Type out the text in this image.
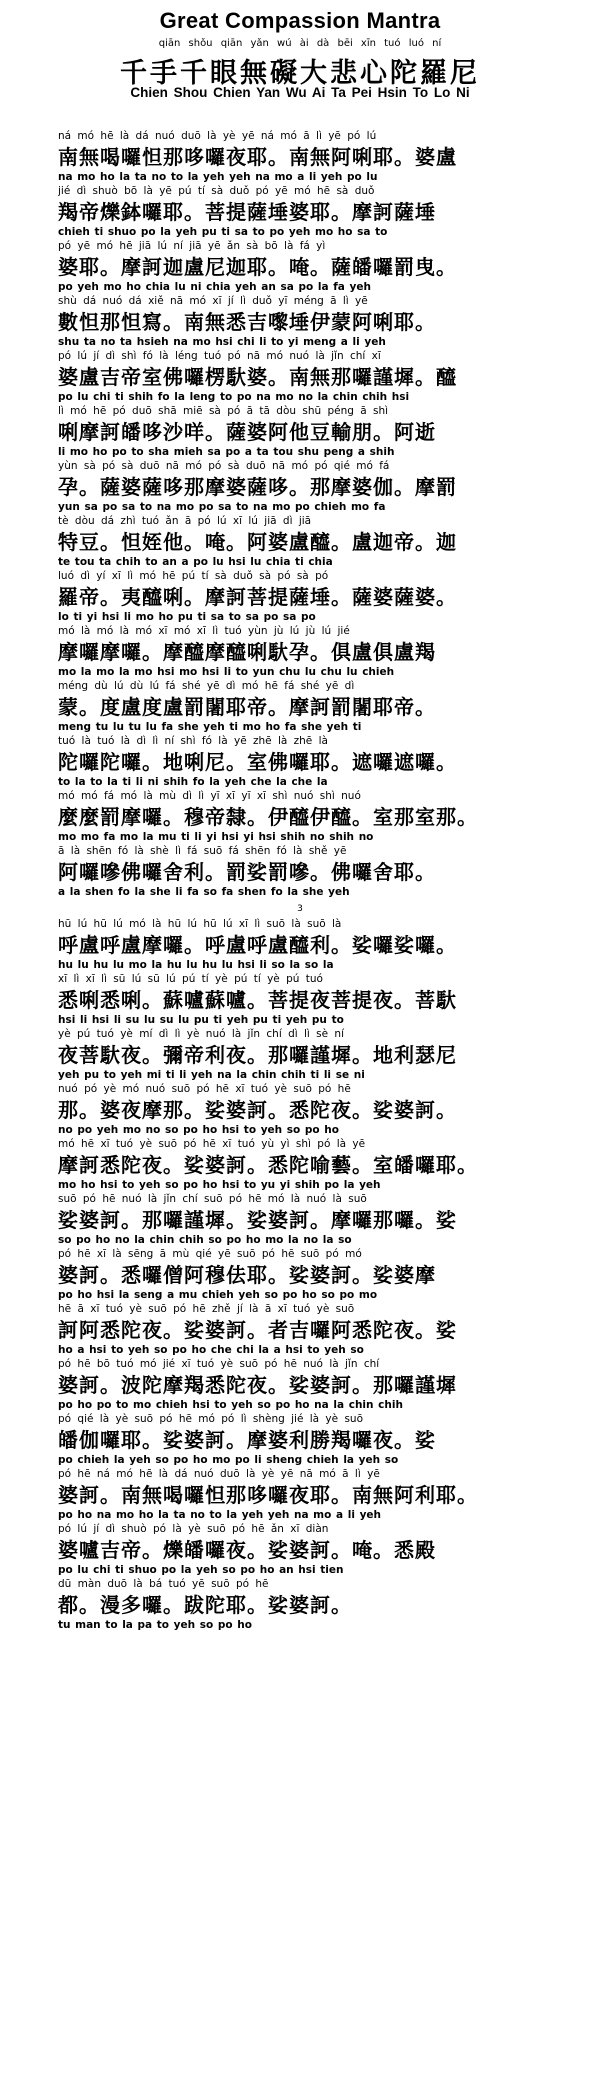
Great Compassion Mantra
qiān shǒu qiān yǎn wú ài dà bēi xīn tuó luó ní
千手千眼無礙大悲心陀羅尼
Chien Shou Chien Yan Wu Ai Ta Pei Hsin To Lo Ni
ná mó hē là dá nuó duō là yè yē ná mó ā lì yē pó lú
南無喝囉怛那哆囉夜耶。南無阿唎耶。婆盧
na mo ho la ta no to la yeh yeh na mo a li yeh po lu
jié dì shuò bō là yē pú tí sà duǒ pó yē mó hē sà duǒ
羯帝爍鉢囉耶。菩提薩埵婆耶。摩訶薩埵
chieh ti shuo po la yeh pu ti sa to po yeh mo ho sa to
pó yē mó hē jiā lú ní jiā yē ǎn sà bō là fá yì
婆耶。摩訶迦盧尼迦耶。唵。薩皤囉罰曳。
po yeh mo ho chia lu ni chia yeh an sa po la fa yeh
shù dá nuó dá xiě nā mó xī jí lì duǒ yī méng ā lì yē
數怛那怛寫。南無悉吉嚟埵伊蒙阿唎耶。
shu ta no ta hsieh na mo hsi chi li to yi meng a li yeh
pó lú jí dì shì fó là léng tuó pó nā mó nuó là jǐn chí xī
婆盧吉帝室佛囉楞馱婆。南無那囉謹墀。醯
po lu chi ti shih fo la leng to po na mo no la chin chih hsi
lì mó hē pó duō shā miē sà pó ā tā dòu shū péng ā shì
唎摩訶皤哆沙咩。薩婆阿他豆輸朋。阿逝
li mo ho po to sha mieh sa po a ta tou shu peng a shih
yùn sà pó sà duō nā mó pó sà duō nā mó pó qié mó fá
孕。薩婆薩哆那摩婆薩哆。那摩婆伽。摩罰
yun sa po sa to na mo po sa to na mo po chieh mo fa
tè dòu dá zhì tuó ǎn ā pó lú xī lú jiā dì jiā
特豆。怛姪他。唵。阿婆盧醯。盧迦帝。迦
te tou ta chih to an a po lu hsi lu chia ti chia
luó dì yí xī lì mó hē pú tí sà duǒ sà pó sà pó
羅帝。夷醯唎。摩訶菩提薩埵。薩婆薩婆。
lo ti yi hsi li mo ho pu ti sa to sa po sa po
mó là mó là mó xī mó xī lì tuó yùn jù lú jù lú jié
摩囉摩囉。摩醯摩醯唎馱孕。俱盧俱盧羯
mo la mo la mo hsi mo hsi li to yun chu lu chu lu chieh
méng dù lú dù lú fá shé yē dì mó hē fá shé yē dì
蒙。度盧度盧罰闍耶帝。摩訶罰闍耶帝。
meng tu lu tu lu fa she yeh ti mo ho fa she yeh ti
tuó là tuó là dì lì ní shì fó là yē zhē là zhē là
陀囉陀囉。地唎尼。室佛囉耶。遮囉遮囉。
to la to la ti li ni shih fo la yeh che la che la
mó mó fá mó là mù dì lì yī xī yī xī shì nuó shì nuó
麼麼罰摩囉。穆帝隸。伊醯伊醯。室那室那。
mo mo fa mo la mu ti li yi hsi yi hsi shih no shih no
ā là shēn fó là shè lì fá suō fá shēn fó là shě yē
阿囉嘇佛囉舍利。罰娑罰嘇。佛囉舍耶。
a la shen fo la she li fa so fa shen fo la she yeh
3
hū lú hū lú mó là hū lú hū lú xī lì suō là suō là
呼盧呼盧摩囉。呼盧呼盧醯利。娑囉娑囉。
hu lu hu lu mo la hu lu hu lu hsi li so la so la
xī lì xī lì sū lú sū lú pú tí yè pú tí yè pú tuó
悉唎悉唎。蘇嚧蘇嚧。菩提夜菩提夜。菩馱
hsi li hsi li su lu su lu pu ti yeh pu ti yeh pu to
yè pú tuó yè mí dì lì yè nuó là jǐn chí dì lì sè ní
夜菩馱夜。彌帝利夜。那囉謹墀。地利瑟尼
yeh pu to yeh mi ti li yeh na la chin chih ti li se ni
nuó pó yè mó nuó suō pó hē xī tuó yè suō pó hē
那。婆夜摩那。娑婆訶。悉陀夜。娑婆訶。
no po yeh mo no so po ho hsi to yeh so po ho
mó hē xī tuó yè suō pó hē xī tuó yù yì shì pó là yē
摩訶悉陀夜。娑婆訶。悉陀喻藝。室皤囉耶。
mo ho hsi to yeh so po ho hsi to yu yi shih po la yeh
suō pó hē nuó là jǐn chí suō pó hē mó là nuó là suō
娑婆訶。那囉謹墀。娑婆訶。摩囉那囉。娑
so po ho no la chin chih so po ho mo la no la so
pó hē xī là sēng ā mù qié yē suō pó hē suō pó mó
婆訶。悉囉僧阿穆佉耶。娑婆訶。娑婆摩
po ho hsi la seng a mu chieh yeh so po ho so po mo
hē ā xī tuó yè suō pó hē zhě jí là ā xī tuó yè suō
訶阿悉陀夜。娑婆訶。者吉囉阿悉陀夜。娑
ho a hsi to yeh so po ho che chi la a hsi to yeh so
pó hē bō tuó mó jié xī tuó yè suō pó hē nuó là jǐn chí
婆訶。波陀摩羯悉陀夜。娑婆訶。那囉謹墀
po ho po to mo chieh hsi to yeh so po ho na la chin chih
pó qié là yè suō pó hē mó pó lì shèng jié là yè suō
皤伽囉耶。娑婆訶。摩婆利勝羯囉夜。娑
po chieh la yeh so po ho mo po li sheng chieh la yeh so
pó hē ná mó hē là dá nuó duō là yè yē nā mó ā lì yē
婆訶。南無喝囉怛那哆囉夜耶。南無阿利耶。
po ho na mo ho la ta no to la yeh yeh na mo a li yeh
pó lú jí dì shuò pó là yè suō pó hē ǎn xī diàn
婆嚧吉帝。爍皤囉夜。娑婆訶。唵。悉殿
po lu chi ti shuo po la yeh so po ho an hsi tien
dū màn duō là bá tuó yē suō pó hē
都。漫多囉。跋陀耶。娑婆訶。
tu man to la pa to yeh so po ho
